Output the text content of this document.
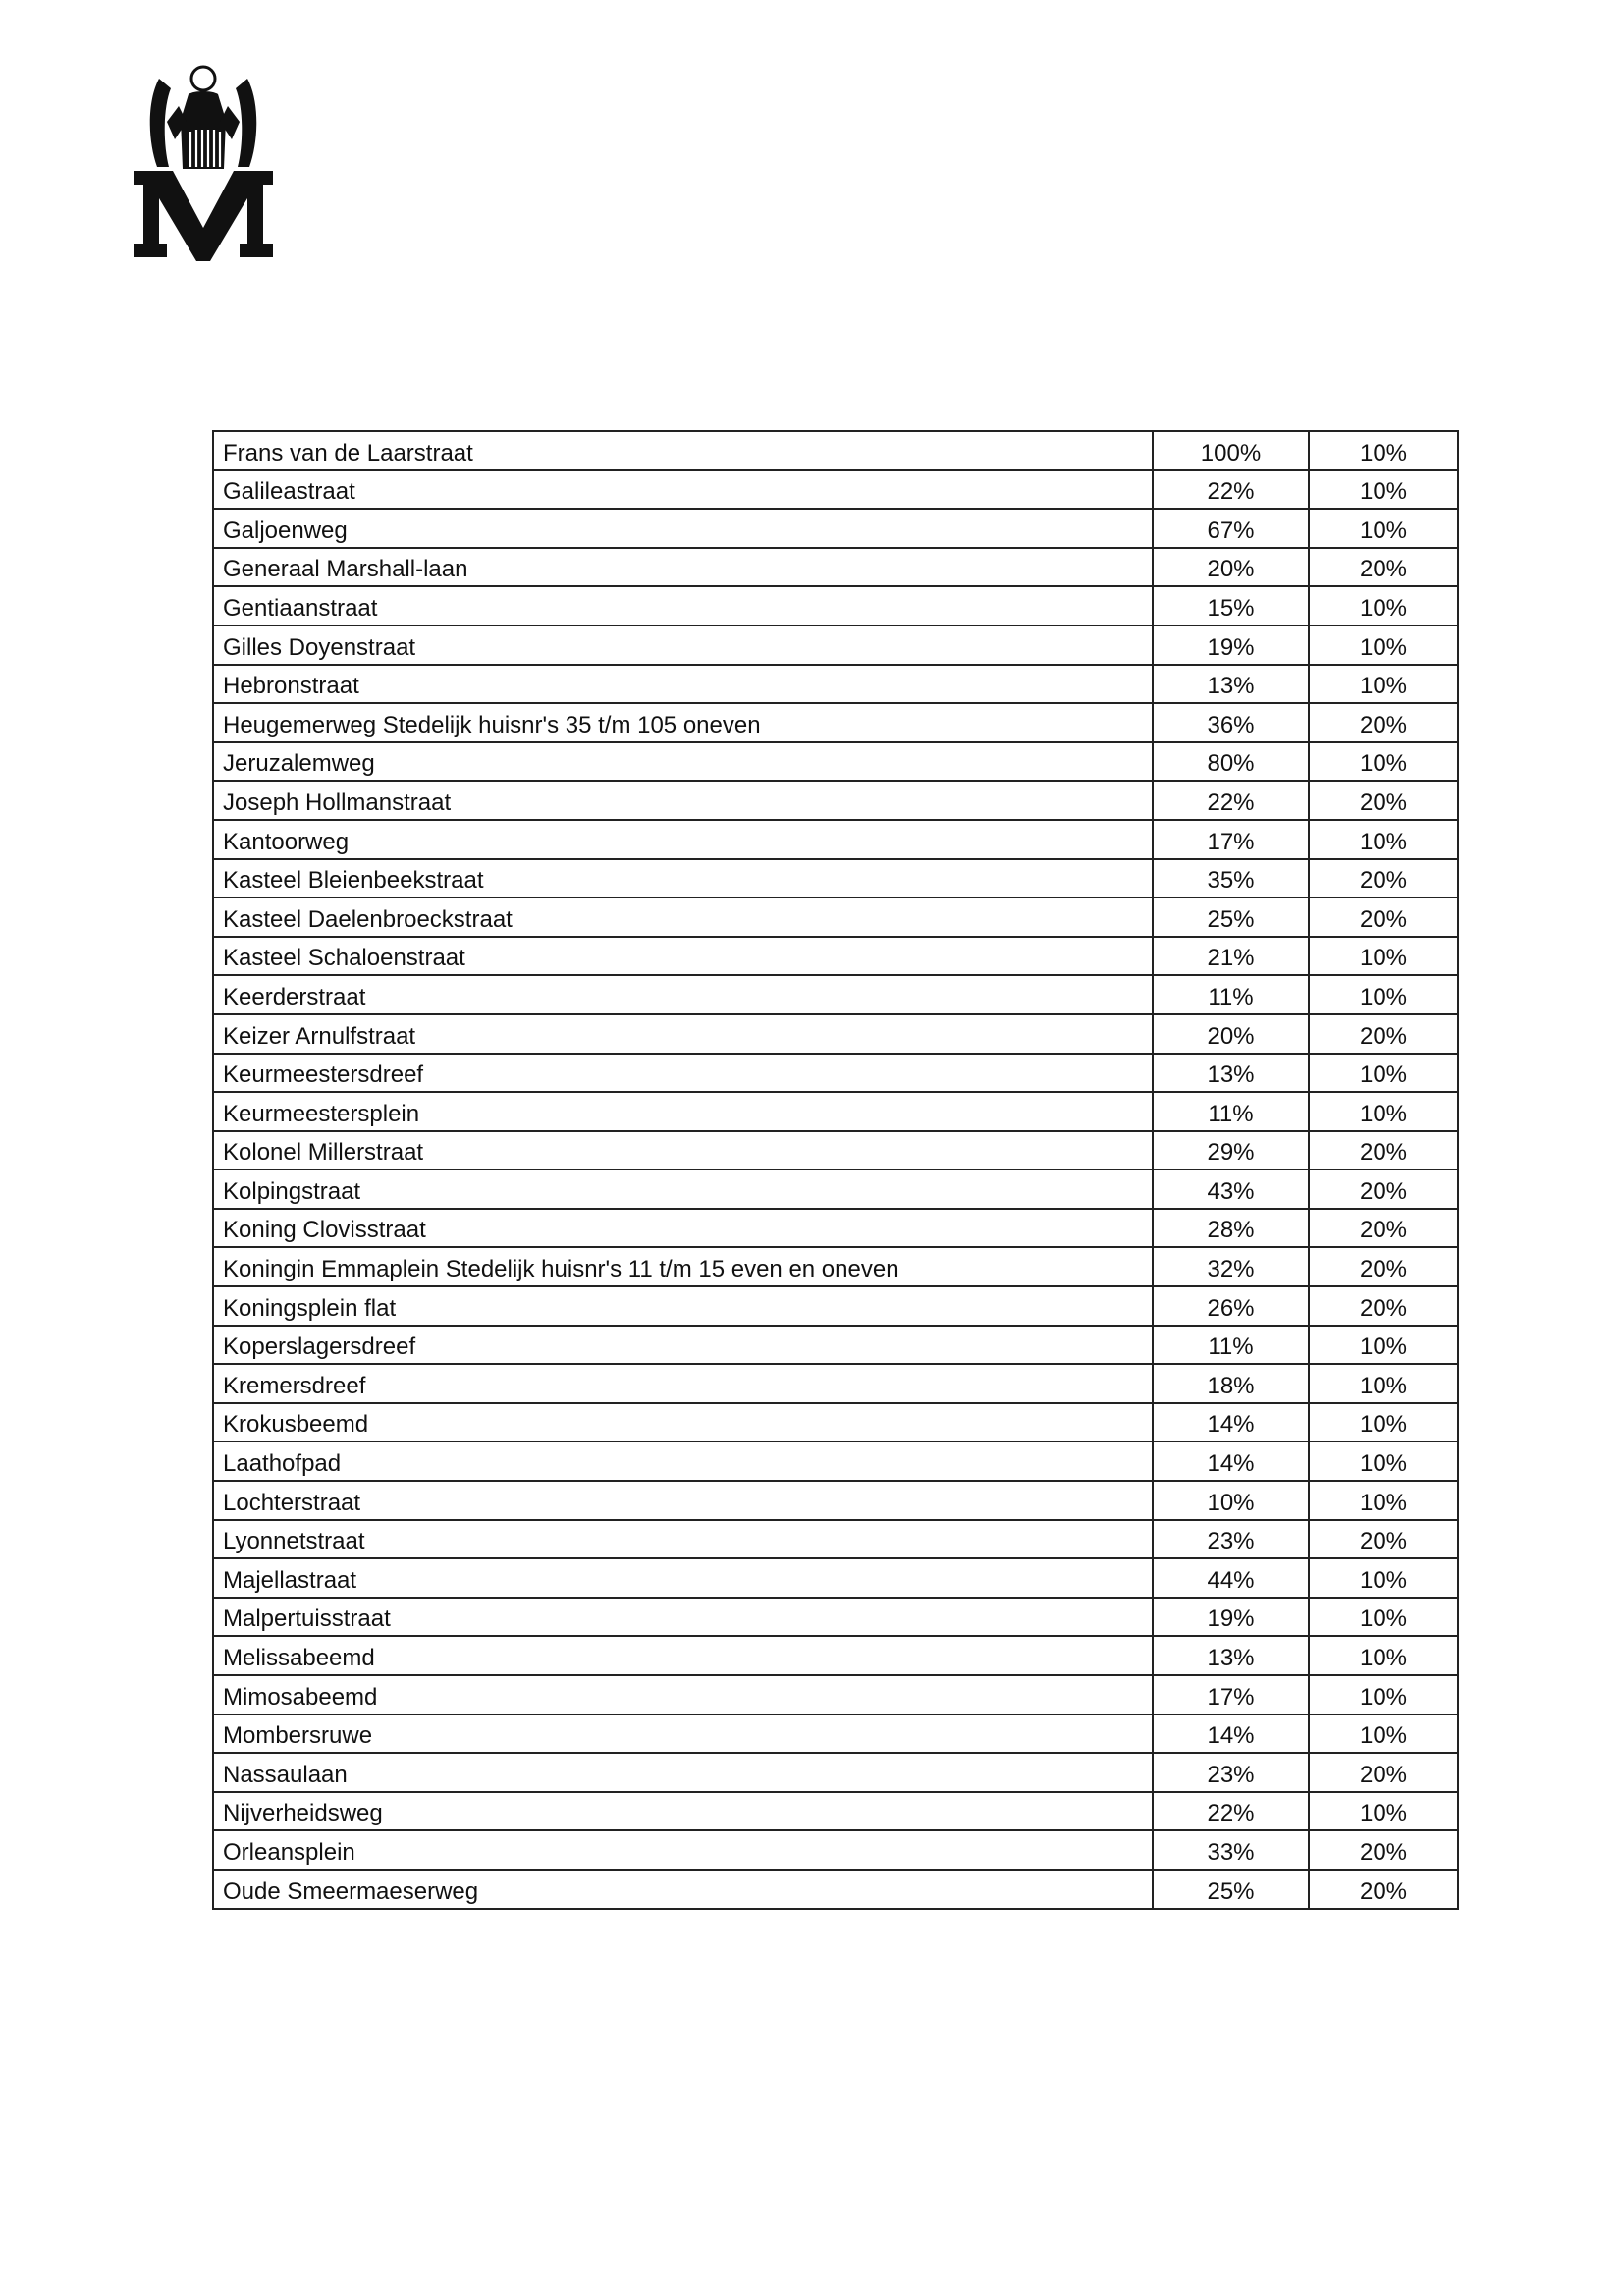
Frans van de Laarstraat	100%	10%
Galileastraat	22%	10%
Galjoenweg	67%	10%
Generaal Marshall-laan	20%	20%
Gentiaanstraat	15%	10%
Gilles Doyenstraat	19%	10%
Hebronstraat	13%	10%
Heugemerweg Stedelijk huisnr's 35 t/m 105 oneven	36%	20%
Jeruzalemweg	80%	10%
Joseph Hollmanstraat	22%	20%
Kantoorweg	17%	10%
Kasteel Bleienbeekstraat	35%	20%
Kasteel Daelenbroeckstraat	25%	20%
Kasteel Schaloenstraat	21%	10%
Keerderstraat	11%	10%
Keizer Arnulfstraat	20%	20%
Keurmeestersdreef	13%	10%
Keurmeestersplein	11%	10%
Kolonel Millerstraat	29%	20%
Kolpingstraat	43%	20%
Koning Clovisstraat	28%	20%
Koningin Emmaplein Stedelijk huisnr's 11 t/m 15 even en oneven	32%	20%
Koningsplein flat	26%	20%
Koperslagersdreef	11%	10%
Kremersdreef	18%	10%
Krokusbeemd	14%	10%
Laathofpad	14%	10%
Lochterstraat	10%	10%
Lyonnetstraat	23%	20%
Majellastraat	44%	10%
Malpertuisstraat	19%	10%
Melissabeemd	13%	10%
Mimosabeemd	17%	10%
Mombersruwe	14%	10%
Nassaulaan	23%	20%
Nijverheidsweg	22%	10%
Orleansplein	33%	20%
Oude Smeermaeserweg	25%	20%
